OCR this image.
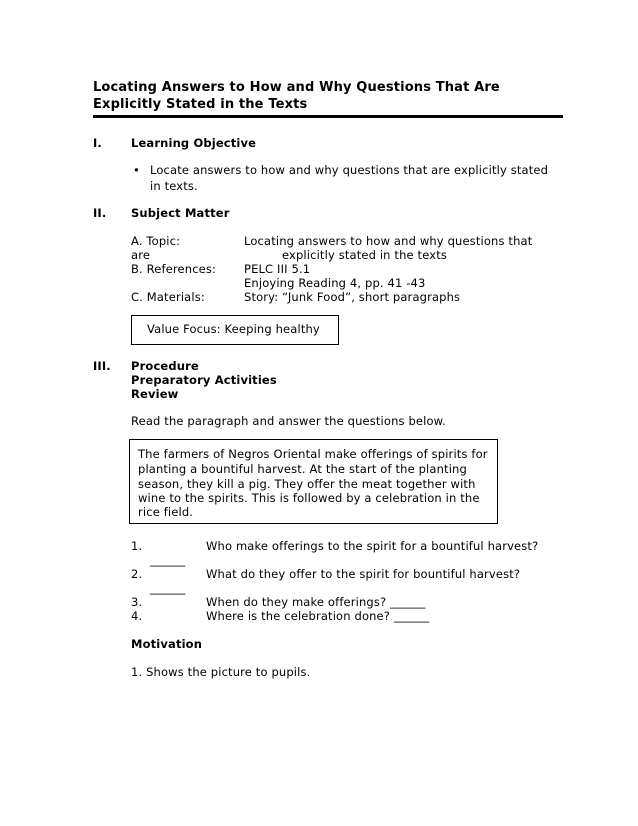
Locating Answers to How and Why Questions That Are
Explicitly Stated in the Texts
I.	Learning Objective
• Locate answers to how and why questions that are explicitly stated
in texts.
II. Subject Matter
A. Topic:	Locating answers to how and why questions that
are	explicitly stated in the texts
B. References: PELC III 5.1
Enjoying Reading 4, pp. 41 -43
C. Materials:	Story: “Junk Food”, short paragraphs
Value Focus: Keeping healthy
III. Procedure
Preparatory Activities
Review
Read the paragraph and answer the questions below.
The farmers of Negros Oriental make offerings of spirits for
planting a bountiful harvest. At the start of the planting
season, they kill a pig. They offer the meat together with
wine to the spirits. This is followed by a celebration in the
rice field.
1.	Who make offerings to the spirit for a bountiful harvest?
______
2.	What do they offer to the spirit for bountiful harvest?
______
3.	When do they make offerings? ______
4.	Where is the celebration done? ______
Motivation
1. Shows the picture to pupils.
